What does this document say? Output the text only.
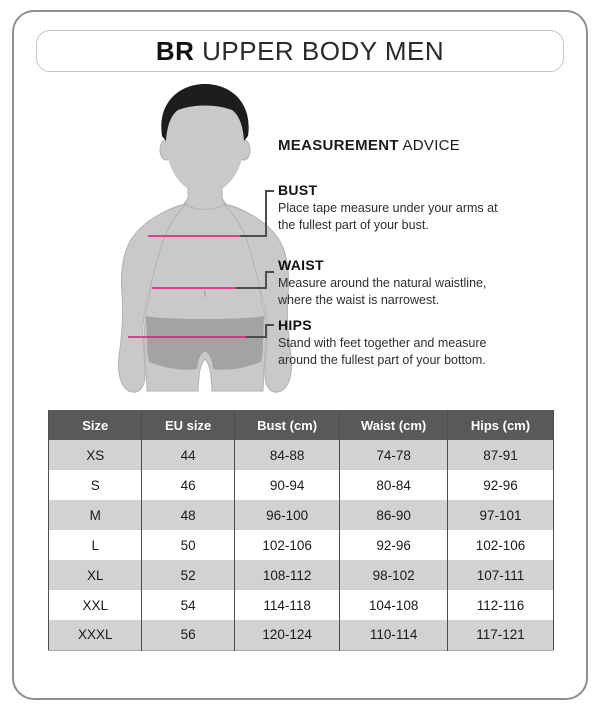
BR UPPER BODY MEN
MEASUREMENT ADVICE
BUST
Place tape measure under your arms at
the fullest part of your bust.
WAIST
Measure around the natural waistline,
where the waist is narrowest.
HIPS
Stand with feet together and measure
around the fullest part of your bottom.
Size	EU size	Bust (cm)	Waist (cm)	Hips (cm)
XS	44	84-88	74-78	87-91
S	46	90-94	80-84	92-96
M	48	96-100	86-90	97-101
L	50	102-106	92-96	102-106
XL	52	108-112	98-102	107-111
XXL	54	114-118	104-108	112-116
XXXL	56	120-124	110-114	117-121
